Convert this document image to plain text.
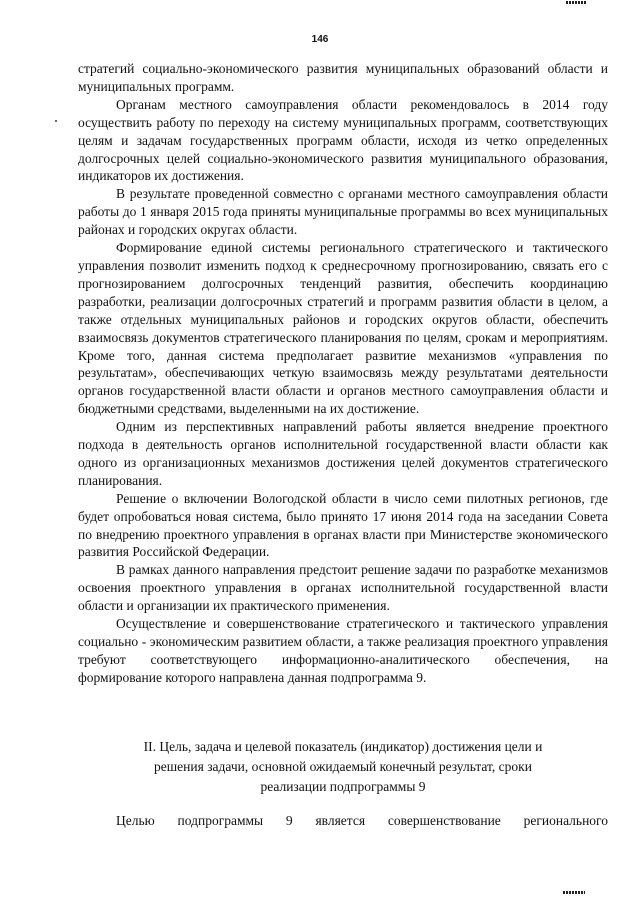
146

стратегий социально-экономического развития муниципальных образований области и муниципальных программ.

Органам местного самоуправления области рекомендовалось в 2014 году осуществить работу по переходу на систему муниципальных программ, соответствующих целям и задачам государственных программ области, исходя из четко определенных долгосрочных целей социально-экономического развития муниципального образования, индикаторов их достижения.

В результате проведенной совместно с органами местного самоуправления области работы до 1 января 2015 года приняты муниципальные программы во всех муниципальных районах и городских округах области.

Формирование единой системы регионального стратегического и тактического управления позволит изменить подход к среднесрочному прогнозированию, связать его с прогнозированием долгосрочных тенденций развития, обеспечить координацию разработки, реализации долгосрочных стратегий и программ развития области в целом, а также отдельных муниципальных районов и городских округов области, обеспечить взаимосвязь документов стратегического планирования по целям, срокам и мероприятиям. Кроме того, данная система предполагает развитие механизмов «управления по результатам», обеспечивающих четкую взаимосвязь между результатами деятельности органов государственной власти области и органов местного самоуправления области и бюджетными средствами, выделенными на их достижение.

Одним из перспективных направлений работы является внедрение проектного подхода в деятельность органов исполнительной государственной власти области как одного из организационных механизмов достижения целей документов стратегического планирования.

Решение о включении Вологодской области в число семи пилотных регионов, где будет опробоваться новая система, было принято 17 июня 2014 года на заседании Совета по внедрению проектного управления в органах власти при Министерстве экономического развития Российской Федерации.

В рамках данного направления предстоит решение задачи по разработке механизмов освоения проектного управления в органах исполнительной государственной власти области и организации их практического применения.

Осуществление и совершенствование стратегического и тактического управления социально - экономическим развитием области, а также реализация проектного управления требуют соответствующего информационно-аналитического обеспечения, на формирование которого направлена данная подпрограмма 9.

II. Цель, задача и целевой показатель (индикатор) достижения цели и
решения задачи, основной ожидаемый конечный результат, сроки
реализации подпрограммы 9
Целью подпрограммы 9 является совершенствование регионального
